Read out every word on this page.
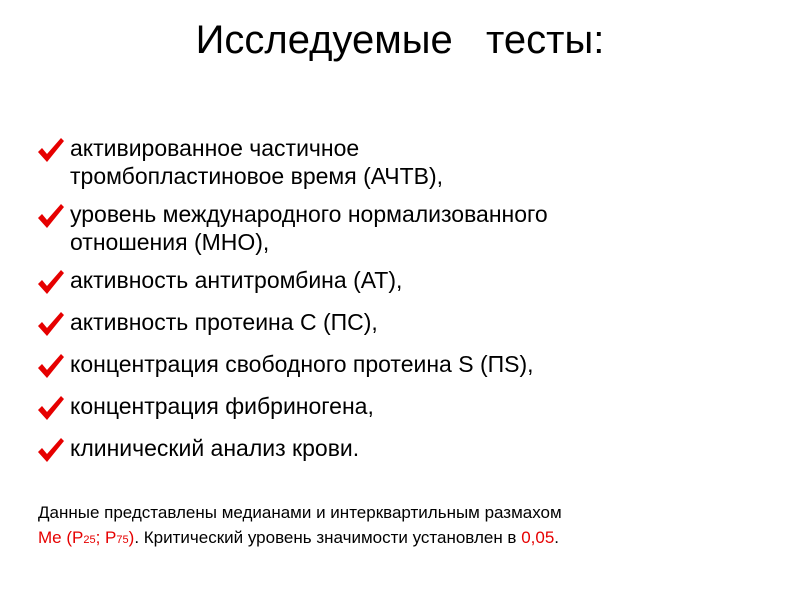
Исследуемые   тесты:
активированное частичное
тромбопластиновое время (АЧТВ),
уровень международного нормализованного
отношения (МНО),
активность антитромбина (АТ),
активность протеина С (ПС),
концентрация свободного протеина S (ПS),
концентрация фибриногена,
клинический анализ крови.
Данные представлены медианами и интерквартильным размахом
Me (P25; P75). Критический уровень значимости установлен в 0,05.
